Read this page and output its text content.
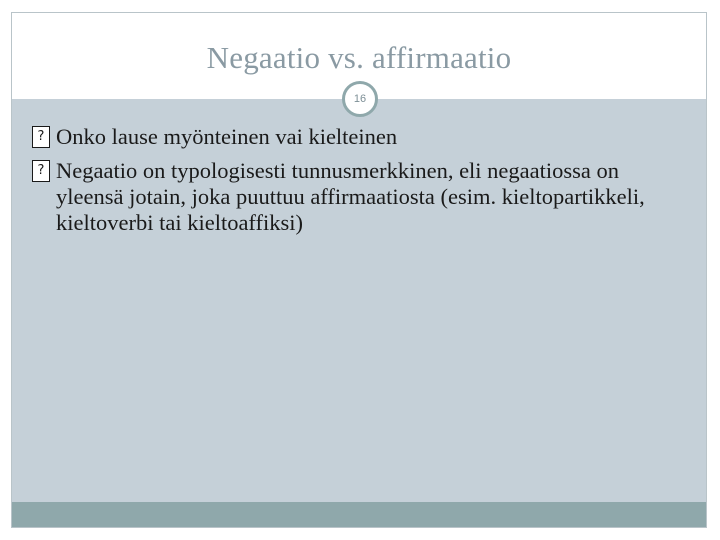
Negaatio vs. affirmaatio
16
? Onko lause myönteinen vai kielteinen
? Negaatio on typologisesti tunnusmerkkinen, eli negaatiossa on yleensä jotain, joka puuttuu affirmaatiosta (esim. kieltopartikkeli, kieltoverbi tai kieltoaffiksi)
